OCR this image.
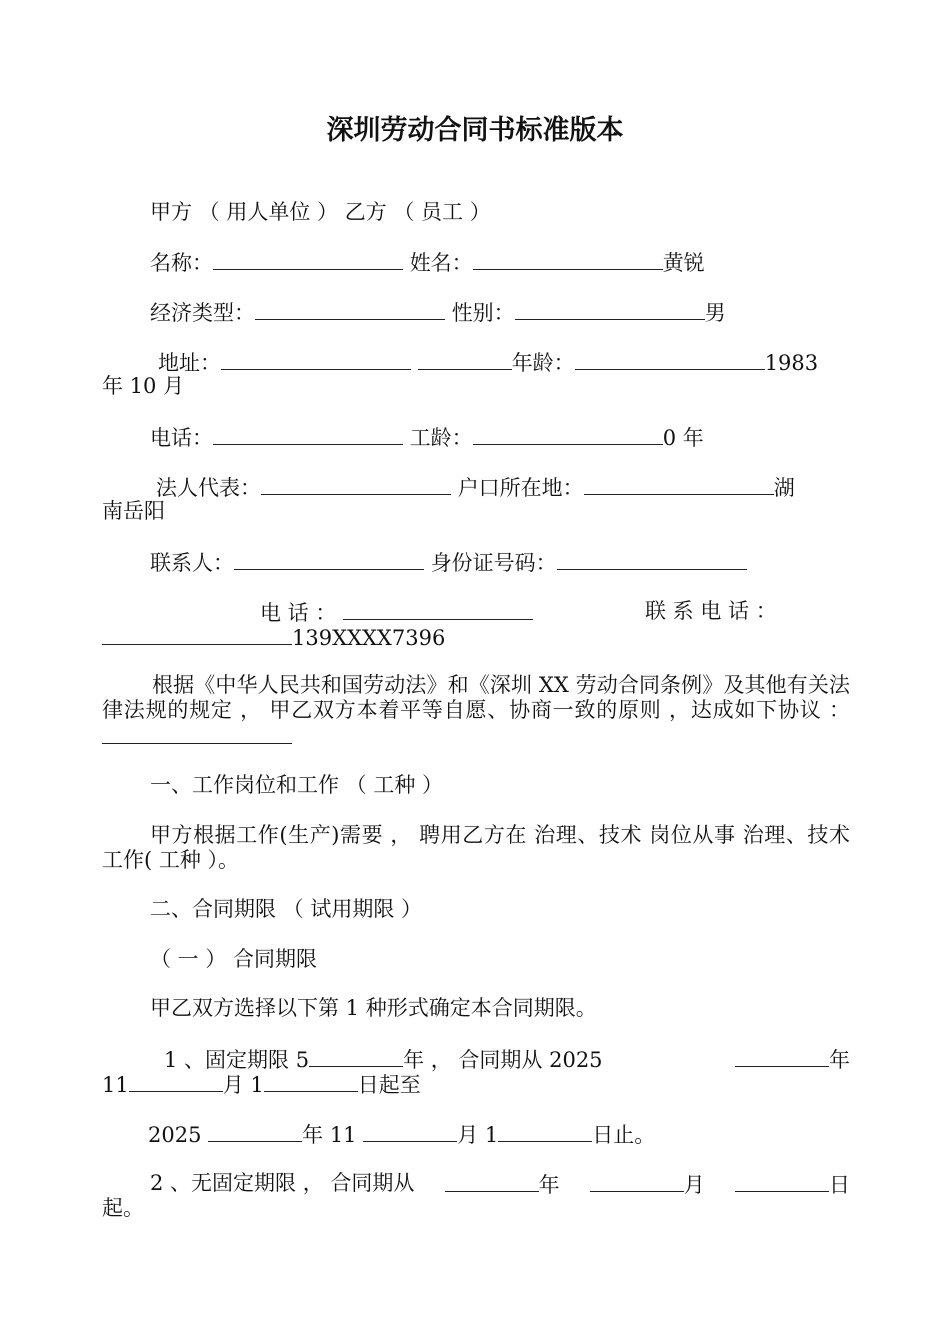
深圳劳动合同书标准版本
甲方 （ 用人单位 ） 乙方 （ 员工 ）
名称：	姓名：	黄锐
经济类型：	性别：	男
地址：	年龄：	1983
年 10 月
电话：	工龄：	0 年
法人代表：	户口所在地：	湖
南岳阳
联系人：	身份证号码：
电 话 ：	联 系 电 话 ：
139XXXX7396
根据《中华人民共和国劳动法》和《深圳 XX 劳动合同条例》及其他有关法律法规的规定 ， 甲乙双方本着平等自愿、协商一致的原则 ，达成如下协议 ：
一、工作岗位和工作 （ 工种 ）
甲方根据工作(生产)需要 ， 聘用乙方在 治理、技术 岗位从事 治理、技术 工作( 工种 ）。
二、合同期限 （ 试用期限 ）
（ 一 ） 合同期限
甲乙双方选择以下第 1 种形式确定本合同期限。
1 、固定期限 5	年 ， 合同期从 2025	年
11	月 1	日起至
2025	年 11	月 1	日止。
2 、无固定期限 ， 合同期从	年	月	日
起。
